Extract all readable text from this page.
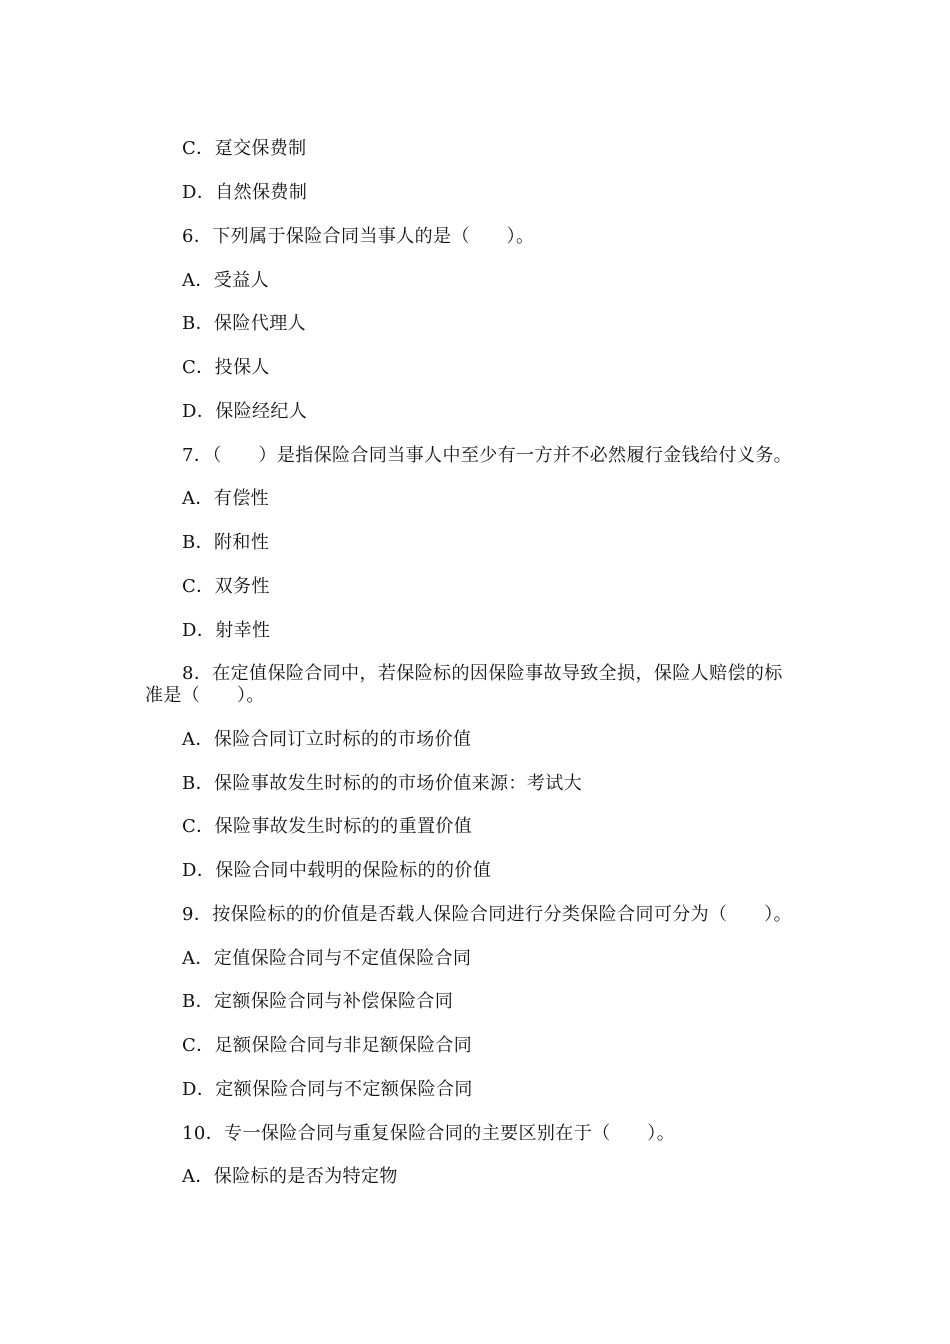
C．趸交保费制
D．自然保费制
6．下列属于保险合同当事人的是（　　）。
A．受益人
B．保险代理人
C．投保人
D．保险经纪人
7．（　　）是指保险合同当事人中至少有一方并不必然履行金钱给付义务。
A．有偿性
B．附和性
C．双务性
D．射幸性
8．在定值保险合同中，若保险标的因保险事故导致全损，保险人赔偿的标
准是（　　）。
A．保险合同订立时标的的市场价值
B．保险事故发生时标的的市场价值来源：考试大
C．保险事故发生时标的的重置价值
D．保险合同中载明的保险标的的价值
9．按保险标的的价值是否载人保险合同进行分类保险合同可分为（　　）。
A．定值保险合同与不定值保险合同
B．定额保险合同与补偿保险合同
C．足额保险合同与非足额保险合同
D．定额保险合同与不定额保险合同
10．专一保险合同与重复保险合同的主要区别在于（　　）。
A．保险标的是否为特定物
